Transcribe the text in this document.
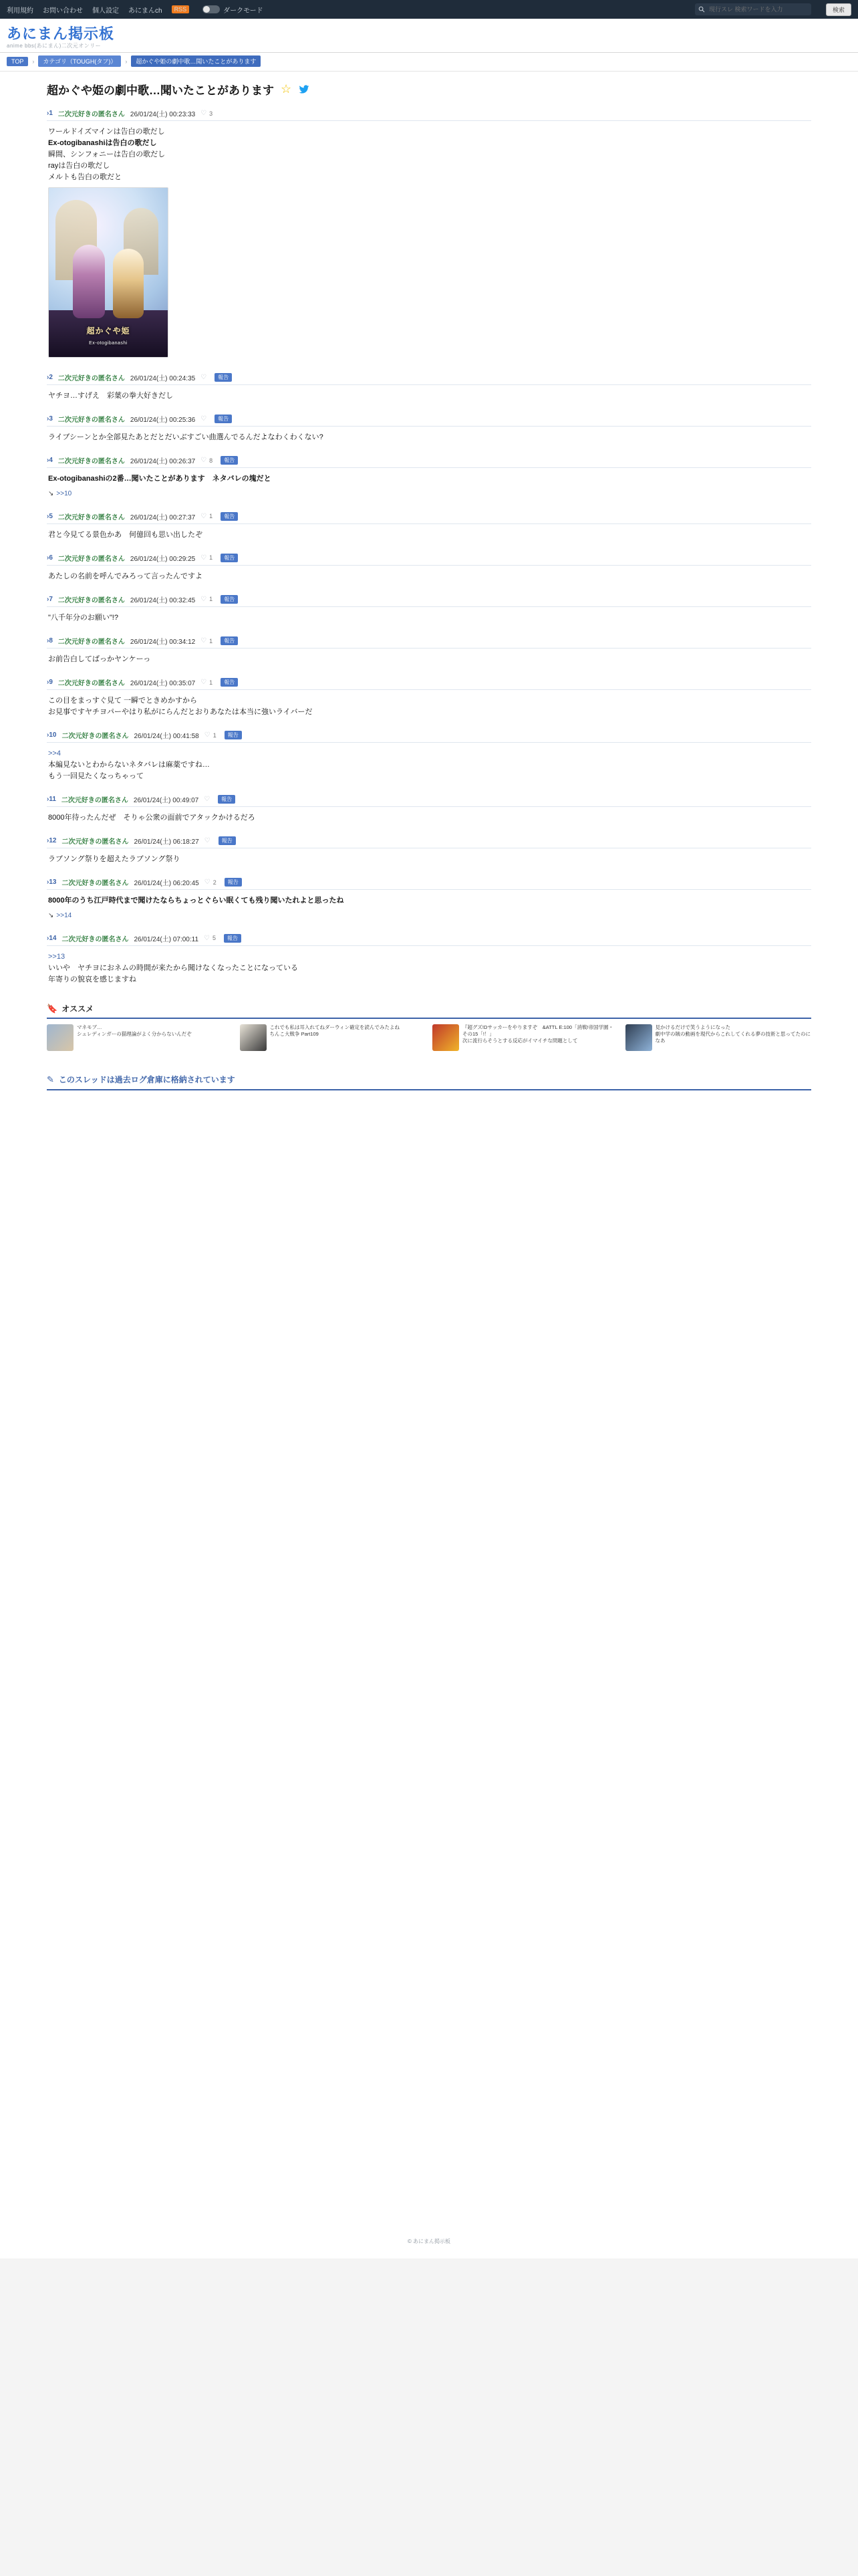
利用規約 お問い合わせ 個人設定 あにまんch	RSS	ダークモード
現行スレ 検索ワードを入力	検索
あにまん掲示板
anime bbs(あにまん)二次元オンリー
TOP	›	カテゴリ（TOUGH(タフ)）	›	超かぐや姫の劇中歌…聞いたことがあります
超かぐや姫の劇中歌…聞いたことがあります ☆
›1 二次元好きの匿名さん 26/01/24(土) 00:23:33 ♡ 3
ワールドイズマインは告白の歌だし
Ex-otogibanashiは告白の歌だし
瞬間、シンフォニーは告白の歌だし
rayは告白の歌だし
メルトも告白の歌だと
超かぐや姫
Ex-otogibanashi
›2 二次元好きの匿名さん 26/01/24(土) 00:24:35 ♡	報告
ヤチヨ…すげえ　彩葉の拳大好きだし
›3 二次元好きの匿名さん 26/01/24(土) 00:25:36 ♡	報告
ライブシーンとか全部見たあとだとだいぶすごい曲選んでるんだよなわくわくない?
›4 二次元好きの匿名さん 26/01/24(土) 00:26:37 ♡ 8	報告
Ex-otogibanashiの2番…聞いたことがあります　ネタバレの塊だと
↘ >>10
›5 二次元好きの匿名さん 26/01/24(土) 00:27:37 ♡ 1	報告
君と今見てる景色かあ　何億回も思い出したぞ
›6 二次元好きの匿名さん 26/01/24(土) 00:29:25 ♡ 1	報告
あたしの名前を呼んでみろって言ったんですよ
›7 二次元好きの匿名さん 26/01/24(土) 00:32:45 ♡ 1	報告
"八千年分のお願い"!?
›8 二次元好きの匿名さん 26/01/24(土) 00:34:12 ♡ 1	報告
お前告白してばっかヤンケーっ
›9 二次元好きの匿名さん 26/01/24(土) 00:35:07 ♡ 1	報告
この目をまっすぐ見て 一瞬でときめかすから
お見事ですヤチヨパーやはり私がにらんだとおりあなたは本当に強いライバーだ
›10 二次元好きの匿名さん 26/01/24(土) 00:41:58 ♡ 1	報告
>>4
本編見ないとわからないネタバレは麻薬ですね…
もう一回見たくなっちゃって
›11 二次元好きの匿名さん 26/01/24(土) 00:49:07 ♡	報告
8000年待ったんだぜ　そりゃ公衆の面前でアタックかけるだろ
›12 二次元好きの匿名さん 26/01/24(土) 06:18:27 ♡	報告
ラブソング祭りを超えたラブソング祭り
›13 二次元好きの匿名さん 26/01/24(土) 06:20:45 ♡ 2	報告
8000年のうち江戸時代まで聞けたならちょっとぐらい眠くても残り聞いたれよと思ったね
↘ >>14
›14 二次元好きの匿名さん 26/01/24(土) 07:00:11 ♡ 5	報告
>>13
いいや　ヤチヨにおネムの時間が来たから聞けなくなったことになっている
年寄りの貌哀を感じますね
🔖 オススメ
マネモブ…
シュレディンガーの猫理論がよく分からないんだぞ
これでも私は耳入れてねダーウィン確定を読んでみたよね
ちんこ大戦争 Part109
『超グズ!Dサッカーをやりますぞ　&ATTL E:100「消戦!帝国学園・その15「!！」
次に流行らそうとする反応がイマイチな問題として
見かけるだけで笑うようになった
劇中学の賊の動画を現代からこれしてくれる夢の技術と思ってたのになあ
✎ このスレッドは過去ログ倉庫に格納されています
© あにまん掲示板
